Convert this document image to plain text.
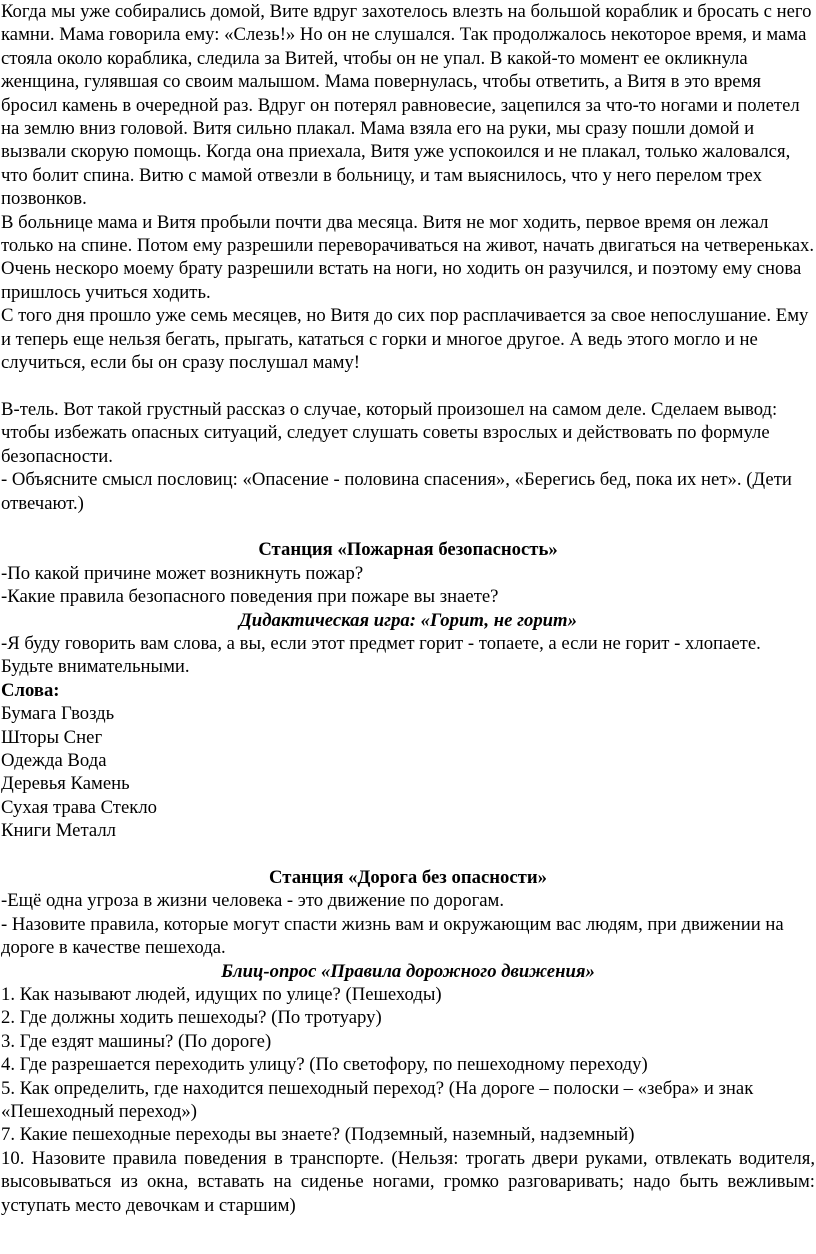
Когда мы уже собирались домой, Вите вдруг захотелось влезть на большой кораблик и бросать с него камни. Мама говорила ему: «Слезь!» Но он не слушался. Так продолжалось некоторое время, и мама стояла около кораблика, следила за Витей, чтобы он не упал. В какой-то момент ее окликнула женщина, гулявшая со своим малышом. Мама повернулась, чтобы ответить, а Витя в это время бросил камень в очередной раз. Вдруг он потерял равновесие, зацепился за что-то ногами и полетел на землю вниз головой. Витя сильно плакал. Мама взяла его на руки, мы сразу пошли домой и вызвали скорую помощь. Когда она приехала, Витя уже успокоился и не плакал, только жаловался, что болит спина. Витю с мамой отвезли в больницу, и там выяснилось, что у него перелом трех позвонков.

В больнице мама и Витя пробыли почти два месяца. Витя не мог ходить, первое время он лежал только на спине. Потом ему разрешили переворачиваться на живот, начать двигаться на четвереньках. Очень нескоро моему брату разрешили встать на ноги, но ходить он разучился, и поэтому ему снова пришлось учиться ходить.

С того дня прошло уже семь месяцев, но Витя до сих пор расплачивается за свое непослушание. Ему и теперь еще нельзя бегать, прыгать, кататься с горки и многое другое. А ведь этого могло и не случиться, если бы он сразу послушал маму!

В-тель. Вот такой грустный рассказ о случае, который произошел на самом деле. Сделаем вывод: чтобы избежать опасных ситуаций, следует слушать советы взрослых и действовать по формуле безопасности.

- Объясните смысл пословиц: «Опасение - половина спасения», «Берегись бед, пока их нет». (Дети отвечают.)

Станция «Пожарная безопасность»

-По какой причине может возникнуть пожар?

-Какие правила безопасного поведения при пожаре вы знаете?

Дидактическая игра: «Горит, не горит»

-Я буду говорить вам слова, а вы, если этот предмет горит - топаете, а если не горит - хлопаете. Будьте внимательными.

Слова:

Бумага Гвоздь

Шторы Снег

Одежда Вода

Деревья Камень

Сухая трава Стекло

Книги Металл

Станция «Дорога без опасности»

-Ещё одна угроза в жизни человека - это движение по дорогам.

- Назовите правила, которые могут спасти жизнь вам и окружающим вас людям, при движении на дороге в качестве пешехода.

Блиц-опрос «Правила дорожного движения»

1. Как называют людей, идущих по улице? (Пешеходы)

2. Где должны ходить пешеходы? (По тротуару)

3. Где ездят машины? (По дороге)

4. Где разрешается переходить улицу? (По светофору, по пешеходному переходу)

5. Как определить, где находится пешеходный переход? (На дороге – полоски – «зебра» и знак «Пешеходный переход»)

7. Какие пешеходные переходы вы знаете? (Подземный, наземный, надземный)

10. Назовите правила поведения в транспорте. (Нельзя: трогать двери руками, отвлекать водителя, высовываться из окна, вставать на сиденье ногами, громко разговаривать; надо быть вежливым: уступать место девочкам и старшим)
